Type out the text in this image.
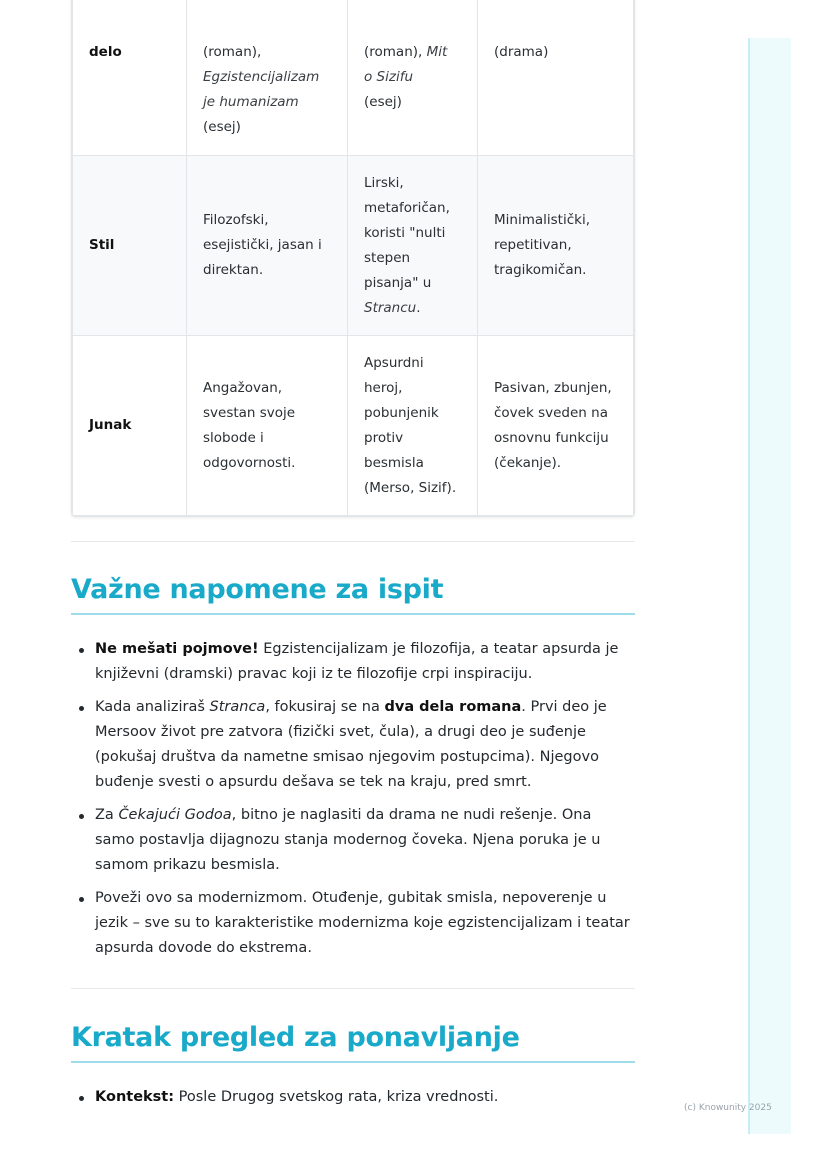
delo	(roman),
Egzistencijalizam
je humanizam
(esej)	(roman), Mit
o Sizifu
(esej)	(drama)
Stil	Filozofski, esejistički, jasan i direktan.	Lirski, metaforičan, koristi "nulti stepen pisanja" u Strancu.	Minimalistički, repetitivan, tragikomičan.
Junak	Angažovan, svestan svoje slobode i odgovornosti.	Apsurdni heroj, pobunjenik protiv besmisla (Merso, Sizif).	Pasivan, zbunjen, čovek sveden na osnovnu funkciju (čekanje).
Važne napomene za ispit
Ne mešati pojmove! Egzistencijalizam je filozofija, a teatar apsurda je književni (dramski) pravac koji iz te filozofije crpi inspiraciju.
Kada analiziraš Stranca, fokusiraj se na dva dela romana. Prvi deo je Mersoov život pre zatvora (fizički svet, čula), a drugi deo je suđenje (pokušaj društva da nametne smisao njegovim postupcima). Njegovo buđenje svesti o apsurdu dešava se tek na kraju, pred smrt.
Za Čekajući Godoa, bitno je naglasiti da drama ne nudi rešenje. Ona samo postavlja dijagnozu stanja modernog čoveka. Njena poruka je u samom prikazu besmisla.
Poveži ovo sa modernizmom. Otuđenje, gubitak smisla, nepoverenje u jezik – sve su to karakteristike modernizma koje egzistencijalizam i teatar apsurda dovode do ekstrema.
Kratak pregled za ponavljanje
Kontekst: Posle Drugog svetskog rata, kriza vrednosti.
(c) Knowunity 2025
